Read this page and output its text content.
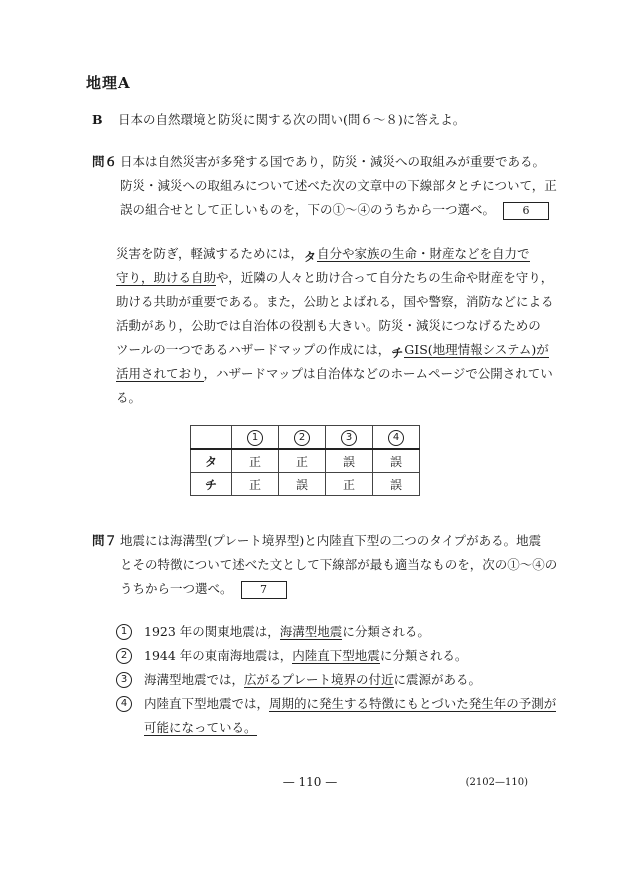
地理A
B 日本の自然環境と防災に関する次の問い(問６～８)に答えよ。
問６ 日本は自然災害が多発する国であり，防災・減災への取組みが重要である。
防災・減災への取組みについて述べた次の文章中の下線部タとチについて，正
誤の組合せとして正しいものを，下の①～④のうちから一つ選べ。	6
災害を防ぎ，軽減するためには，タ自分や家族の生命・財産などを自力で
守り，助ける自助や，近隣の人々と助け合って自分たちの生命や財産を守り，
助ける共助が重要である。また，公助とよばれる，国や警察，消防などによる
活動があり，公助では自治体の役割も大きい。防災・減災につなげるための
ツールの一つであるハザードマップの作成には，チGIS(地理情報システム)が
活用されており，ハザードマップは自治体などのホームページで公開されてい
る。
	1	2	3	4
タ	正	正	誤	誤
チ	正	誤	正	誤
問７ 地震には海溝型(プレート境界型)と内陸直下型の二つのタイプがある。地震
とその特徴について述べた文として下線部が最も適当なものを，次の①～④の
うちから一つ選べ。	7
1 1923 年の関東地震は，海溝型地震に分類される。
2 1944 年の東南海地震は，内陸直下型地震に分類される。
3 海溝型地震では，広がるプレート境界の付近に震源がある。
4 内陸直下型地震では，周期的に発生する特徴にもとづいた発生年の予測が
可能になっている。
— 110 —	(2102—110)
